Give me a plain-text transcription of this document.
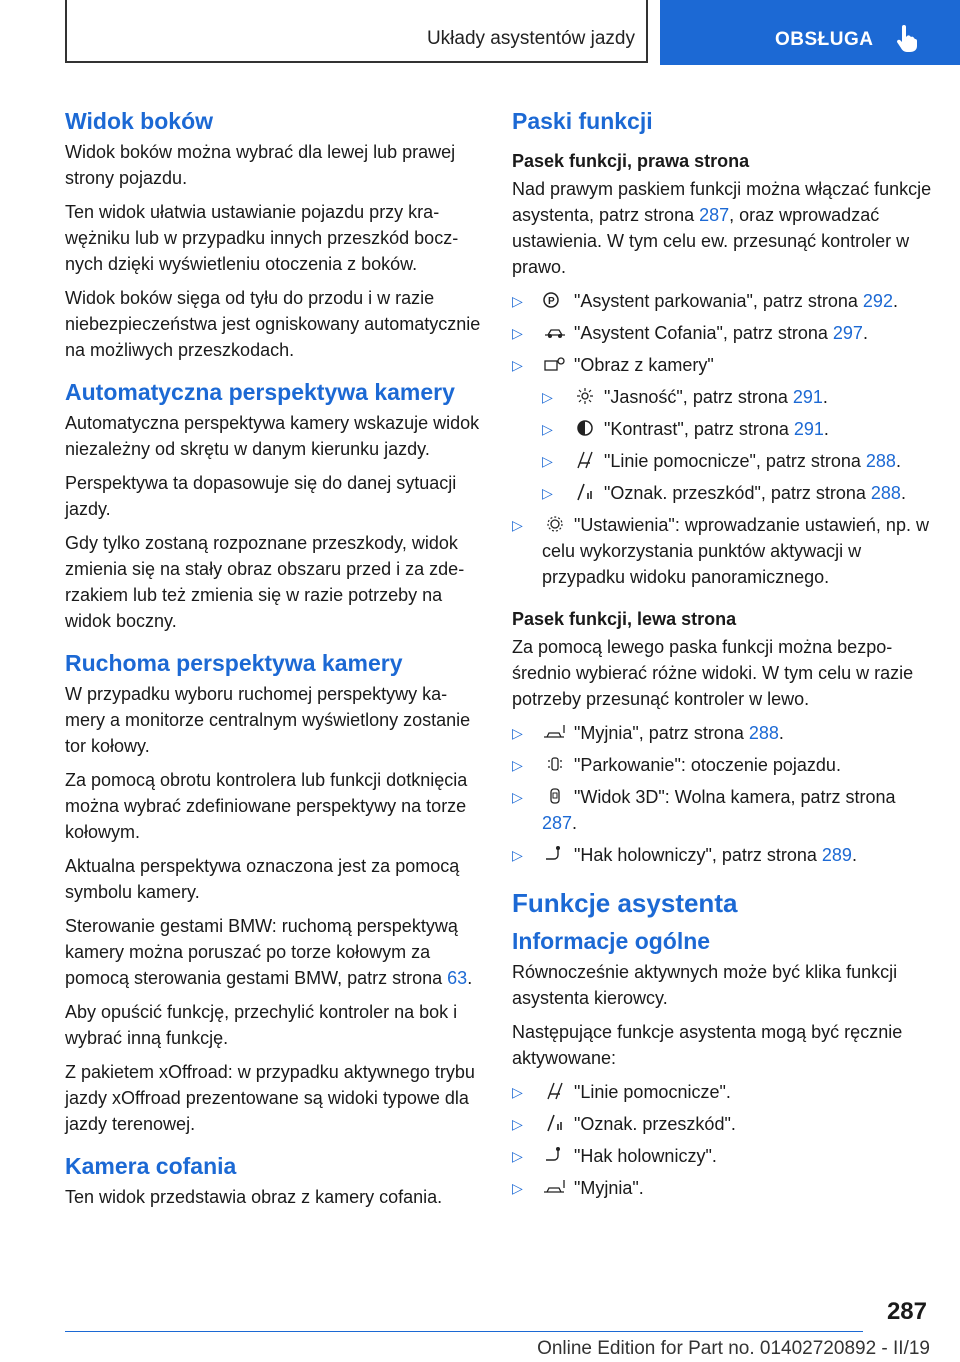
Układy asystentów jazdy	OBSŁUGA
Widok boków

Widok boków można wybrać dla lewej lub prawej strony pojazdu.

Ten widok ułatwia ustawianie pojazdu przy krawężniku lub w przypadku innych przeszkód bocznych dzięki wyświetleniu otoczenia z boków.

Widok boków sięga od tyłu do przodu i w razie niebezpieczeństwa jest ogniskowany automatycznie na możliwych przeszkodach.

Automatyczna perspektywa kamery

Automatyczna perspektywa kamery wskazuje widok niezależny od skrętu w danym kierunku jazdy.

Perspektywa ta dopasowuje się do danej sytuacji jazdy.

Gdy tylko zostaną rozpoznane przeszkody, widok zmienia się na stały obraz obszaru przed i za zderzakiem lub też zmienia się w razie potrzeby na widok boczny.

Ruchoma perspektywa kamery

W przypadku wyboru ruchomej perspektywy kamery a monitorze centralnym wyświetlony zostanie tor kołowy.

Za pomocą obrotu kontrolera lub funkcji dotknięcia można wybrać zdefiniowane perspektywy na torze kołowym.

Aktualna perspektywa oznaczona jest za pomocą symbolu kamery.

Sterowanie gestami BMW: ruchomą perspektywą kamery można poruszać po torze kołowym za pomocą sterowania gestami BMW, patrz strona 63.

Aby opuścić funkcję, przechylić kontroler na bok i wybrać inną funkcję.

Z pakietem xOffroad: w przypadku aktywnego trybu jazdy xOffroad prezentowane są widoki typowe dla jazdy terenowej.

Kamera cofania

Ten widok przedstawia obraz z kamery cofania.

Paski funkcji
Pasek funkcji, prawa strona

Nad prawym paskiem funkcji można włączać funkcje asystenta, patrz strona 287, oraz wprowadzać ustawienia. W tym celu ew. przesunąć kontroler w prawo.

▷	P "Asystent parkowania", patrz strona 292.
▷	"Asystent Cofania", patrz strona 297.
▷	"Obraz z kamery"
▷	"Jasność", patrz strona 291.
▷	"Kontrast", patrz strona 291.
▷	"Linie pomocnicze", patrz strona 288.
▷	"Oznak. przeszkód", patrz strona 288.
▷	"Ustawienia": wprowadzanie ustawień, np. w celu wykorzystania punktów aktywacji w przypadku widoku panoramicznego.
Pasek funkcji, lewa strona

Za pomocą lewego paska funkcji można bezpośrednio wybierać różne widoki. W tym celu w razie potrzeby przesunąć kontroler w lewo.

▷	"Myjnia", patrz strona 288.
▷	"Parkowanie": otoczenie pojazdu.
▷	"Widok 3D": Wolna kamera, patrz strona 287.
▷	"Hak holowniczy", patrz strona 289.
Funkcje asystenta
Informacje ogólne

Równocześnie aktywnych może być klika funkcji asystenta kierowcy.

Następujące funkcje asystenta mogą być ręcznie aktywowane:

▷	"Linie pomocnicze".
▷	"Oznak. przeszkód".
▷	"Hak holowniczy".
▷	"Myjnia".
287
Online Edition for Part no. 01402720892 - II/19
